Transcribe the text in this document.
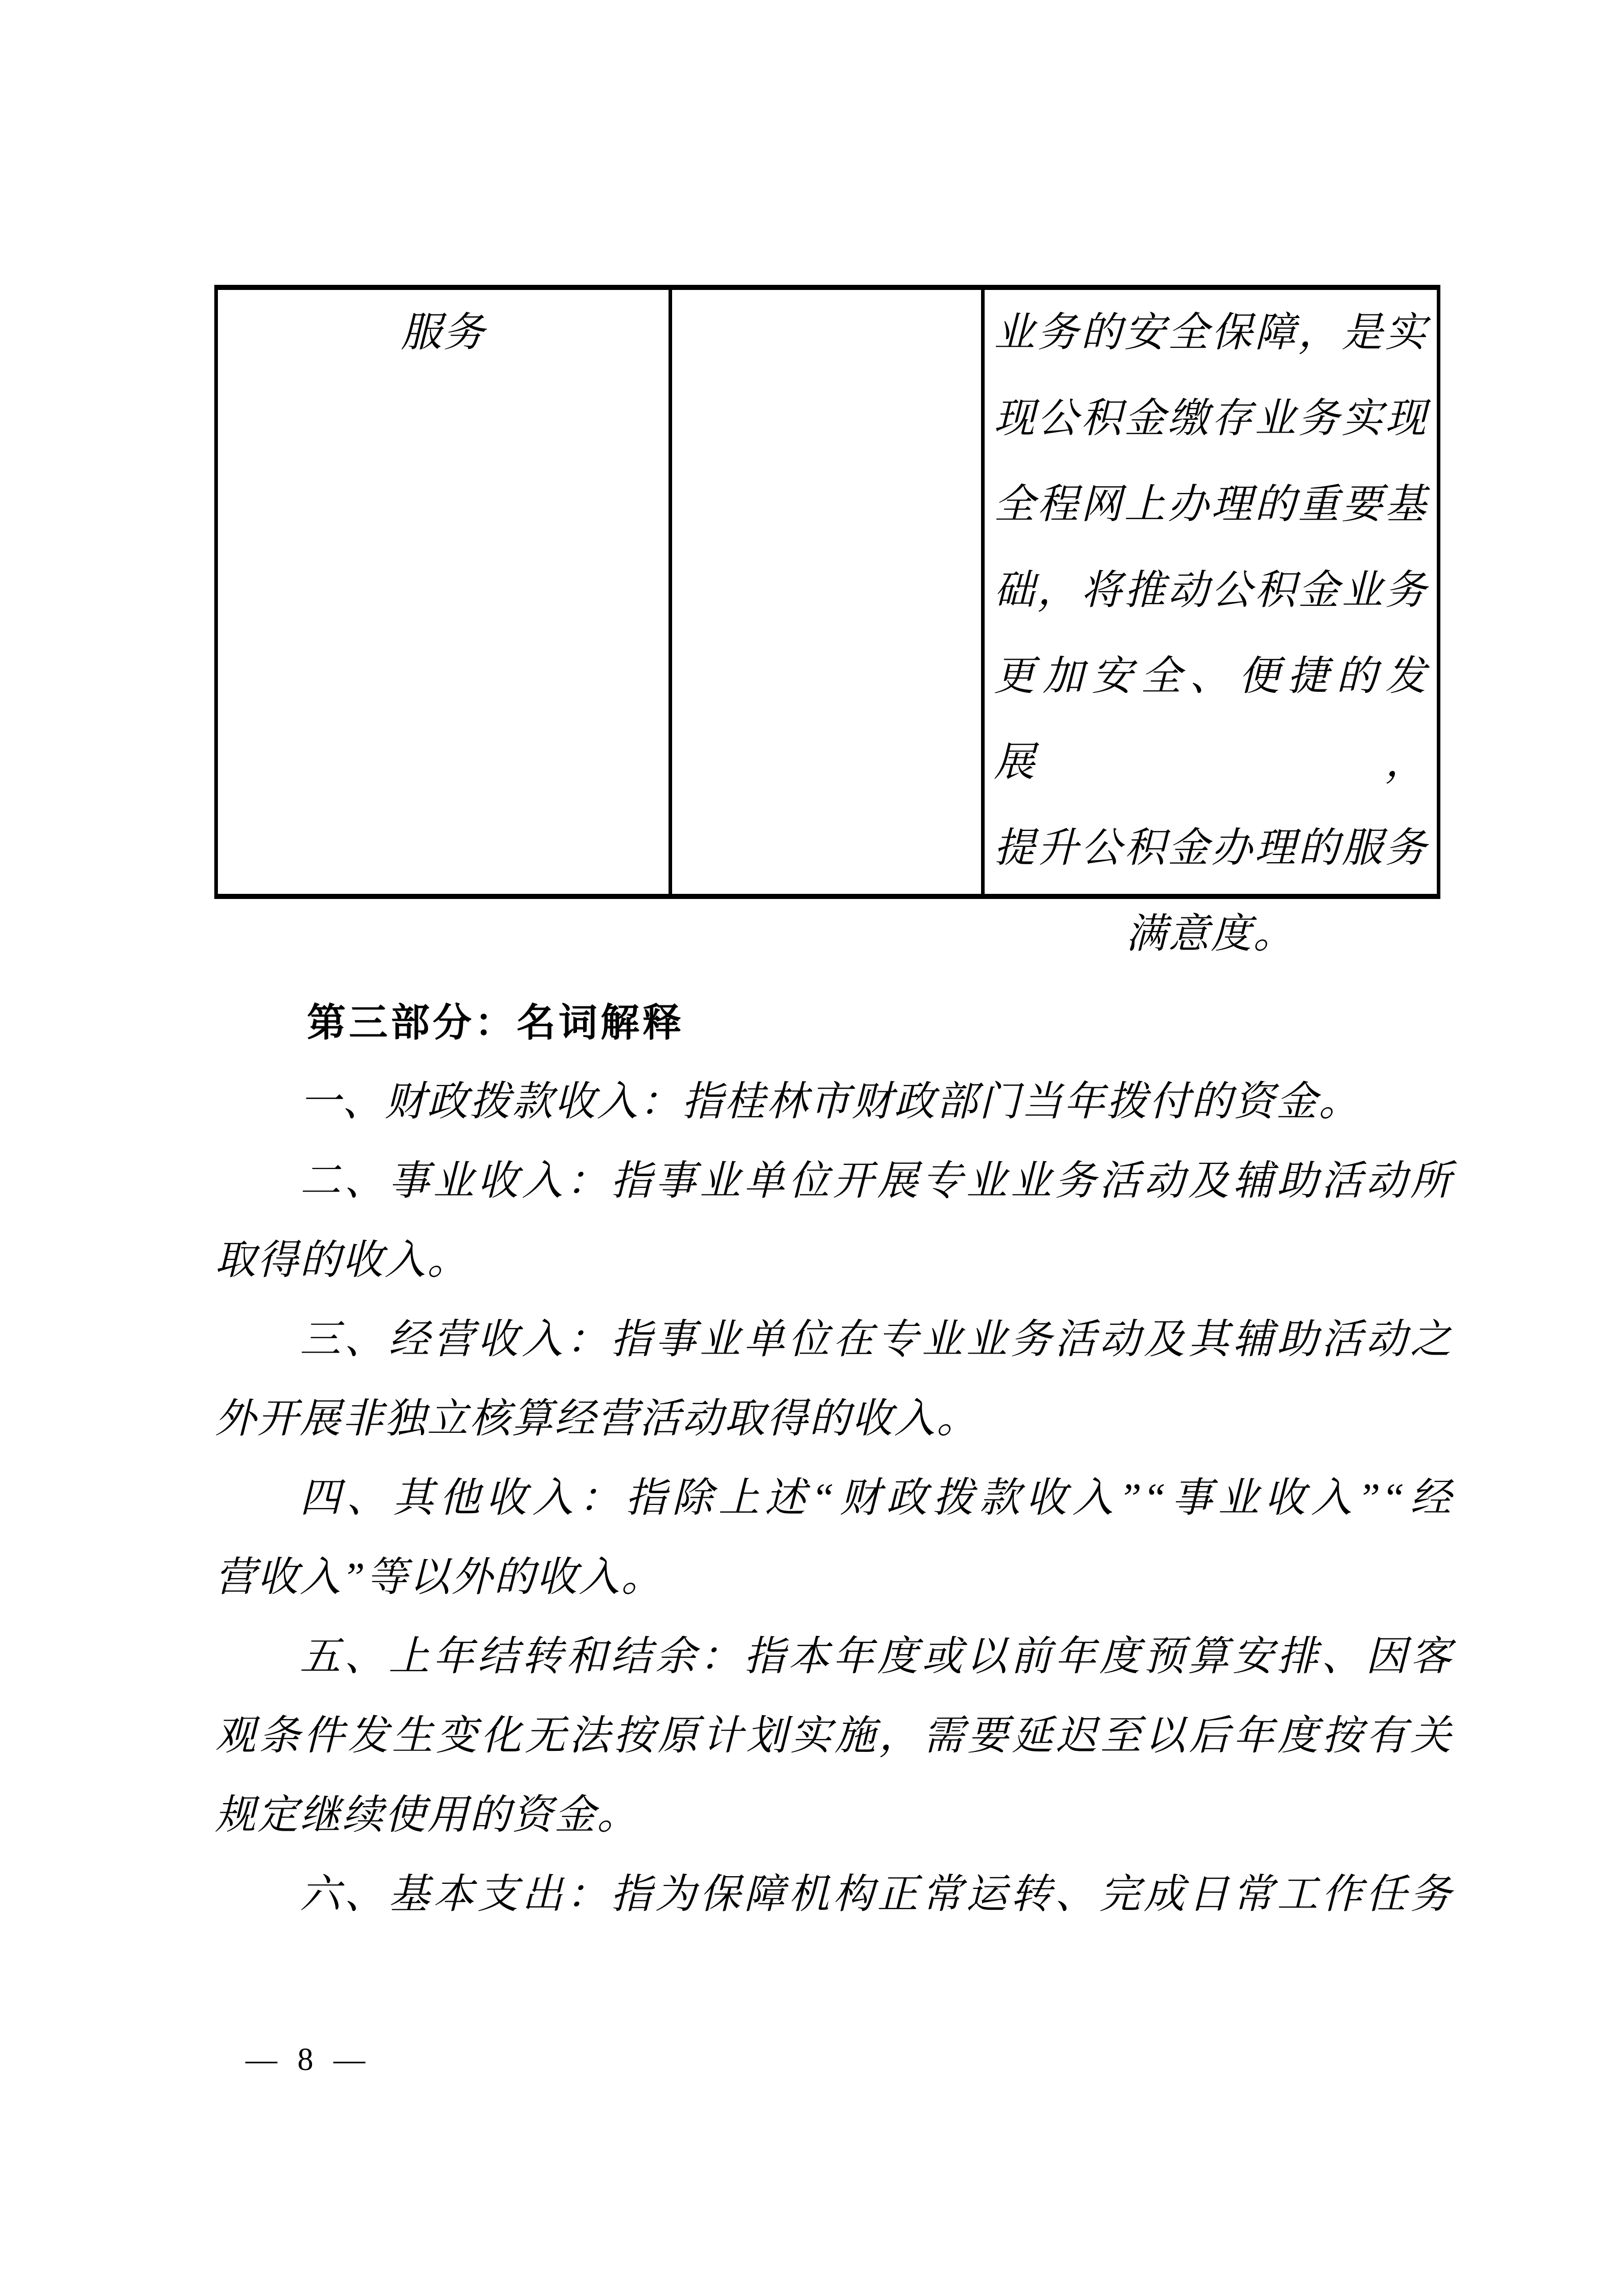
服务	业务的安全保障，是实
现公积金缴存业务实现
全程网上办理的重要基
础，将推动公积金业务
更加安全、便捷的发展，
提升公积金办理的服务
满意度。
第三部分：名词解释
一、财政拨款收入：指桂林市财政部门当年拨付的资金。
二、事业收入：指事业单位开展专业业务活动及辅助活动所
取得的收入。
三、经营收入：指事业单位在专业业务活动及其辅助活动之
外开展非独立核算经营活动取得的收入。
四、其他收入：指除上述“财政拨款收入”“事业收入”“经
营收入”等以外的收入。
五、上年结转和结余：指本年度或以前年度预算安排、因客
观条件发生变化无法按原计划实施，需要延迟至以后年度按有关
规定继续使用的资金。
六、基本支出：指为保障机构正常运转、完成日常工作任务
— 8 —
